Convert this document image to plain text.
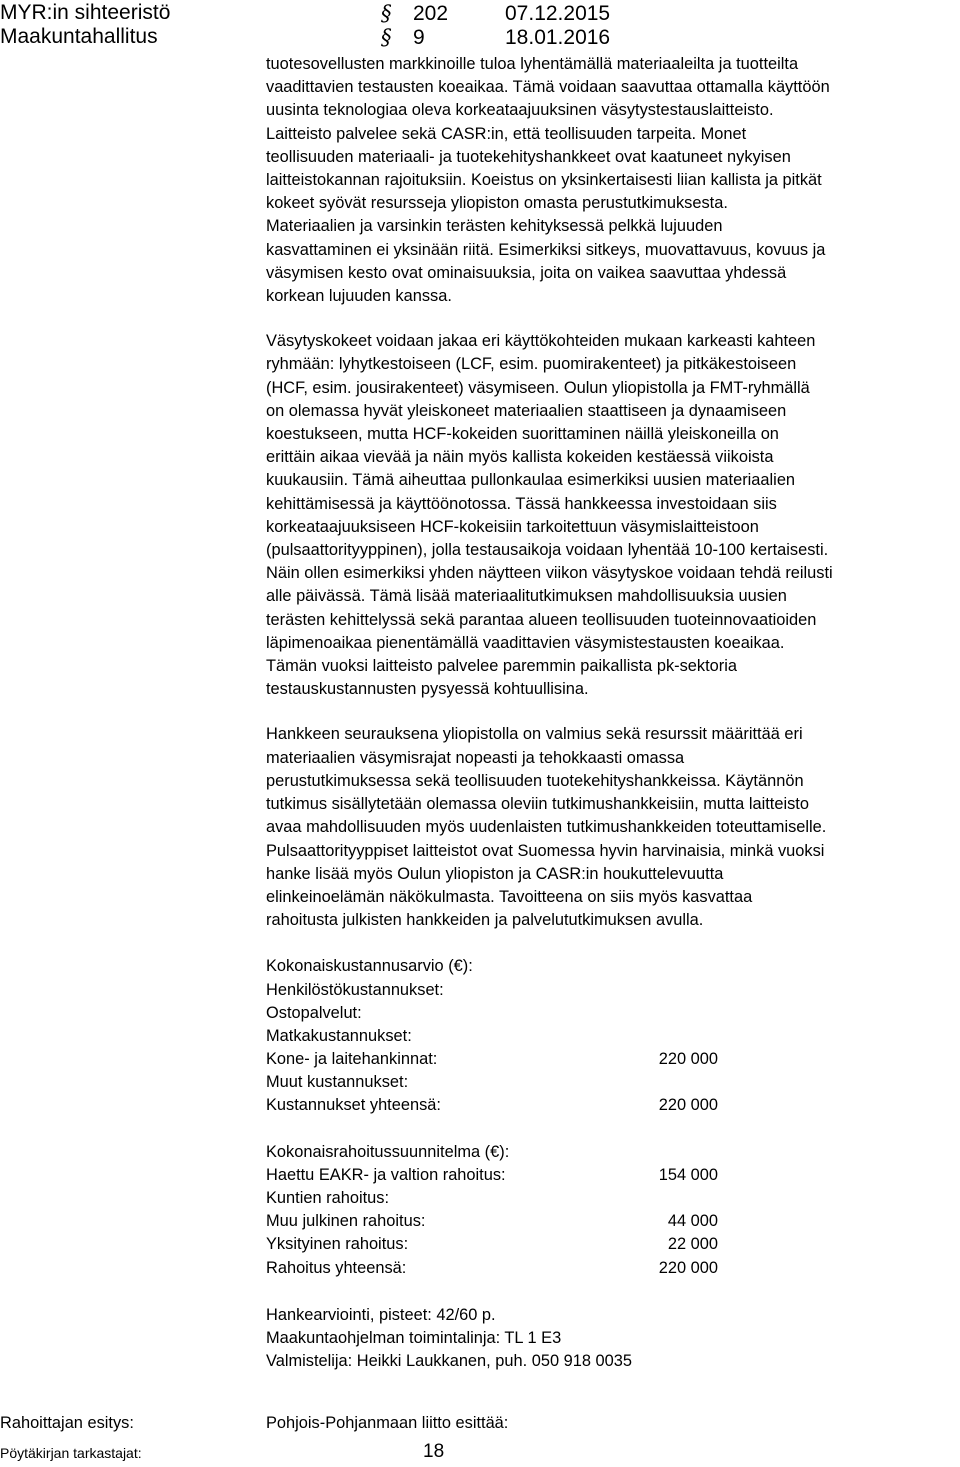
MYR:in sihteeristö
Maakuntahallitus
§ 202	07.12.2015
§ 9	18.01.2016

tuotesovellusten markkinoille tuloa lyhentämällä materiaaleilta ja tuotteilta
vaadittavien testausten koeaikaa. Tämä voidaan saavuttaa ottamalla käyttöön
uusinta teknologiaa oleva korkeataajuuksinen väsytystestauslaitteisto.
Laitteisto palvelee sekä CASR:in, että teollisuuden tarpeita. Monet
teollisuuden materiaali- ja tuotekehityshankkeet ovat kaatuneet nykyisen
laitteistokannan rajoituksiin. Koeistus on yksinkertaisesti liian kallista ja pitkät
kokeet syövät resursseja yliopiston omasta perustutkimuksesta.
Materiaalien ja varsinkin terästen kehityksessä pelkkä lujuuden
kasvattaminen ei yksinään riitä. Esimerkiksi sitkeys, muovattavuus, kovuus ja
väsymisen kesto ovat ominaisuuksia, joita on vaikea saavuttaa yhdessä
korkean lujuuden kanssa.

Väsytyskokeet voidaan jakaa eri käyttökohteiden mukaan karkeasti kahteen
ryhmään: lyhytkestoiseen (LCF, esim. puomirakenteet) ja pitkäkestoiseen
(HCF, esim. jousirakenteet) väsymiseen. Oulun yliopistolla ja FMT-ryhmällä
on olemassa hyvät yleiskoneet materiaalien staattiseen ja dynaamiseen
koestukseen, mutta HCF-kokeiden suorittaminen näillä yleiskoneilla on
erittäin aikaa vievää ja näin myös kallista kokeiden kestäessä viikoista
kuukausiin. Tämä aiheuttaa pullonkaulaa esimerkiksi uusien materiaalien
kehittämisessä ja käyttöönotossa. Tässä hankkeessa investoidaan siis
korkeataajuuksiseen HCF-kokeisiin tarkoitettuun väsymislaitteistoon
(pulsaattorityyppinen), jolla testausaikoja voidaan lyhentää 10-100 kertaisesti.
Näin ollen esimerkiksi yhden näytteen viikon väsytyskoe voidaan tehdä reilusti
alle päivässä. Tämä lisää materiaalitutkimuksen mahdollisuuksia uusien
terästen kehittelyssä sekä parantaa alueen teollisuuden tuoteinnovaatioiden
läpimenoaikaa pienentämällä vaadittavien väsymistestausten koeaikaa.
Tämän vuoksi laitteisto palvelee paremmin paikallista pk-sektoria
testauskustannusten pysyessä kohtuullisina.

Hankkeen seurauksena yliopistolla on valmius sekä resurssit määrittää eri
materiaalien väsymisrajat nopeasti ja tehokkaasti omassa
perustutkimuksessa sekä teollisuuden tuotekehityshankkeissa. Käytännön
tutkimus sisällytetään olemassa oleviin tutkimushankkeisiin, mutta laitteisto
avaa mahdollisuuden myös uudenlaisten tutkimushankkeiden toteuttamiselle.
Pulsaattorityyppiset laitteistot ovat Suomessa hyvin harvinaisia, minkä vuoksi
hanke lisää myös Oulun yliopiston ja CASR:in houkuttelevuutta
elinkeinoelämän näkökulmasta. Tavoitteena on siis myös kasvattaa
rahoitusta julkisten hankkeiden ja palvelututkimuksen avulla.

Kokonaiskustannusarvio (€):
Henkilöstökustannukset:
Ostopalvelut:
Matkakustannukset:
Kone- ja laitehankinnat:	220 000
Muut kustannukset:
Kustannukset yhteensä:	220 000
Kokonaisrahoitussuunnitelma (€):
Haettu EAKR- ja valtion rahoitus:	154 000
Kuntien rahoitus:
Muu julkinen rahoitus:	44 000
Yksityinen rahoitus:	22 000
Rahoitus yhteensä:	220 000
Hankearviointi, pisteet: 42/60 p.
Maakuntaohjelman toimintalinja: TL 1 E3
Valmistelija: Heikki Laukkanen, puh. 050 918 0035
Rahoittajan esitys:	Pohjois-Pohjanmaan liitto esittää:
Pöytäkirjan tarkastajat:	18
